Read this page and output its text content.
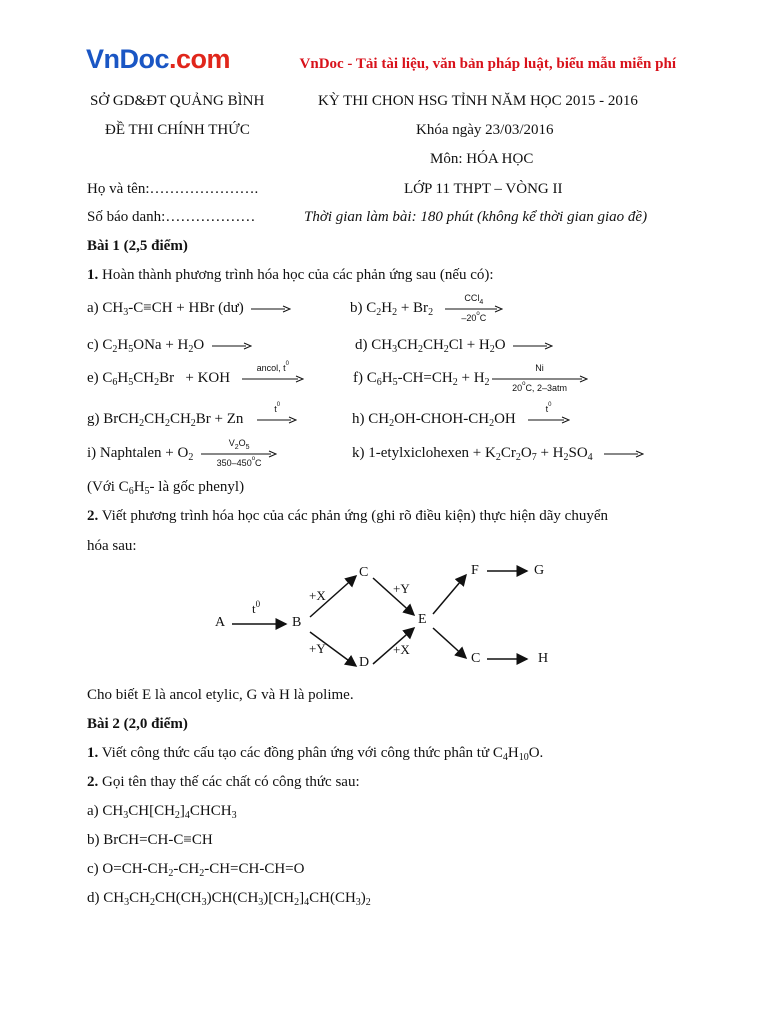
VnDoc.com	VnDoc - Tải tài liệu, văn bản pháp luật, biểu mẫu miễn phí
SỞ GD&ĐT QUẢNG BÌNH
ĐỀ THI CHÍNH THỨC
KỲ THI CHON HSG TỈNH NĂM HỌC 2015 - 2016
Khóa ngày 23/03/2016
Môn: HÓA HỌC
LỚP 11 THPT – VÒNG II
Họ và tên:………………….
Số báo danh:………………	Thời gian làm bài: 180 phút (không kể thời gian giao đề)
Bài 1 (2,5 điểm)
1. Hoàn thành phương trình hóa học của các phản ứng sau (nếu có):
a) $CH_3-C\equiv CH$ + HBr (dư)	b) $C_2H_2 + Br_2$
CCl$_4$
–20$^o$C
c) $C_2H_5ONa + H_2O$	d) $CH_3CH_2CH_2Cl + H_2O$
e) $C_6H_5CH_2Br$   + KOH
ancol, $t^0$
f) $C_6H_5-CH=CH_2 + H_2$
Ni
20$^o$C, 2–3atm
g) $BrCH_2CH_2CH_2Br + Zn$
$t^0$
h) $CH_2OH-CHOH-CH_2OH$
$t^0$
i) Naphtalen + $O_2$
$V_2O_5$
350–450$^o$C
k) 1-etylxiclohexen + $K_2Cr_2O_7 + H_2SO_4$
(Với $C_6H_5-$ là gốc phenyl)
2. Viết phương trình hóa học của các phản ứng (ghi rõ điều kiện) thực hiện dãy chuyển
hóa sau:
A	B
C
D
E
F	G
C	H
$t^0$
+X
+Y
+Y
+X
Cho biết E là ancol etylic, G và H là polime.
Bài 2 (2,0 điểm)
1. Viết công thức cấu tạo các đồng phân ứng với công thức phân tử $C_4H_{10}O$.
2. Gọi tên thay thế các chất có công thức sau:
a) $CH_3CH[CH_2]_4CHCH_3$
b) BrCH=CH-C≡CH
c) $O=CH-CH_2-CH_2-CH=CH-CH=O$
d) $CH_3CH_2CH(CH_3)CH(CH_3)[CH_2]_4CH(CH_3)_2$
